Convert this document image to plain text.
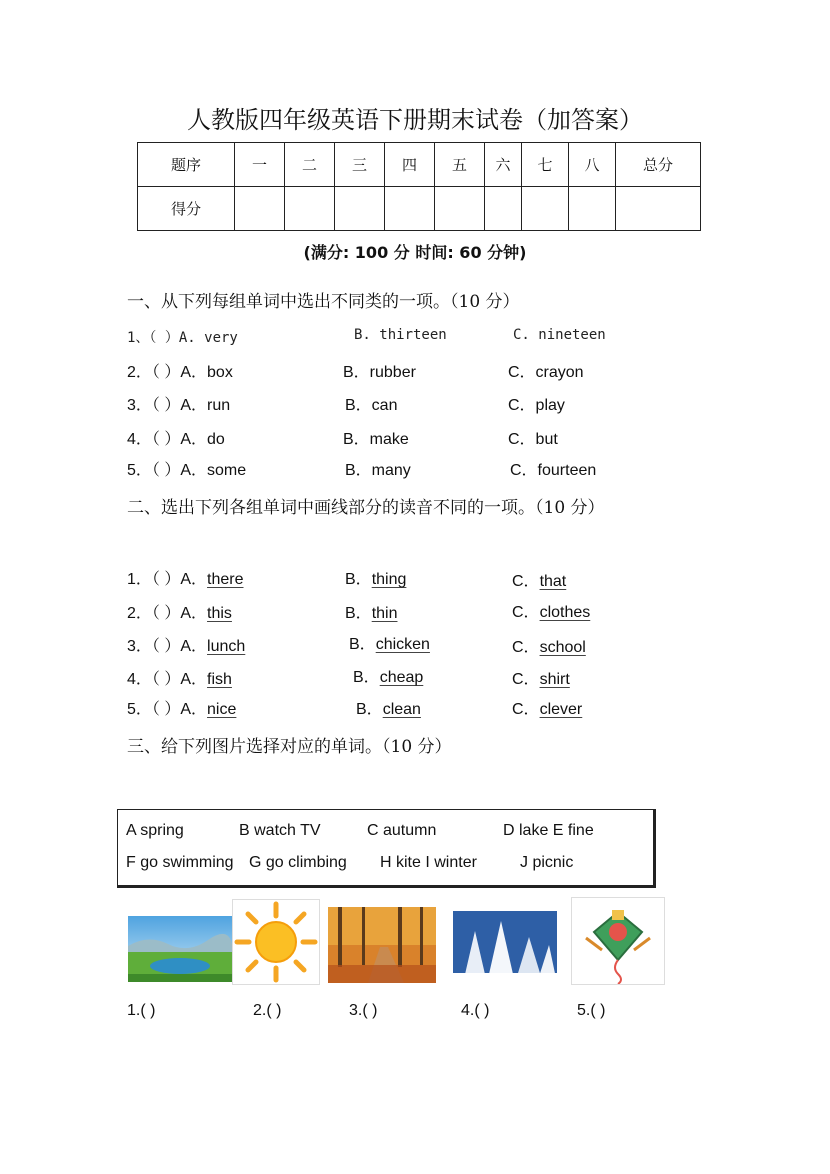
人教版四年级英语下册期末试卷（加答案）
题序	一	二	三	四	五	六	七	八	总分
得分									
(满分: 100 分 时间: 60 分钟)
一、从下列每组单词中选出不同类的一项。（10 分）
1、（ ）A. very	B. thirteen	C. nineteen
2．（ ）A．box	B．rubber	C．crayon
3．（ ）A．run	B．can	C．play
4．（ ）A．do	B．make	C．but
5．（ ）A．some	B．many	C．fourteen
二、选出下列各组单词中画线部分的读音不同的一项。（10 分）
1．（ ）A．there	B．thing	C．that
2．（ ）A．this	B．thin	C．clothes
3．（ ）A．lunch	B．chicken	C．school
4．（ ）A．fish	B．cheap	C．shirt
5．（ ）A．nice	B．clean	C．clever
三、给下列图片选择对应的单词。（10 分）
A spring	B watch TV	C autumn	D lake E fine
F go swimming G go climbing H kite I winter	J picnic
1.( )	2.( )	3.( )	4.( )	5.( )
